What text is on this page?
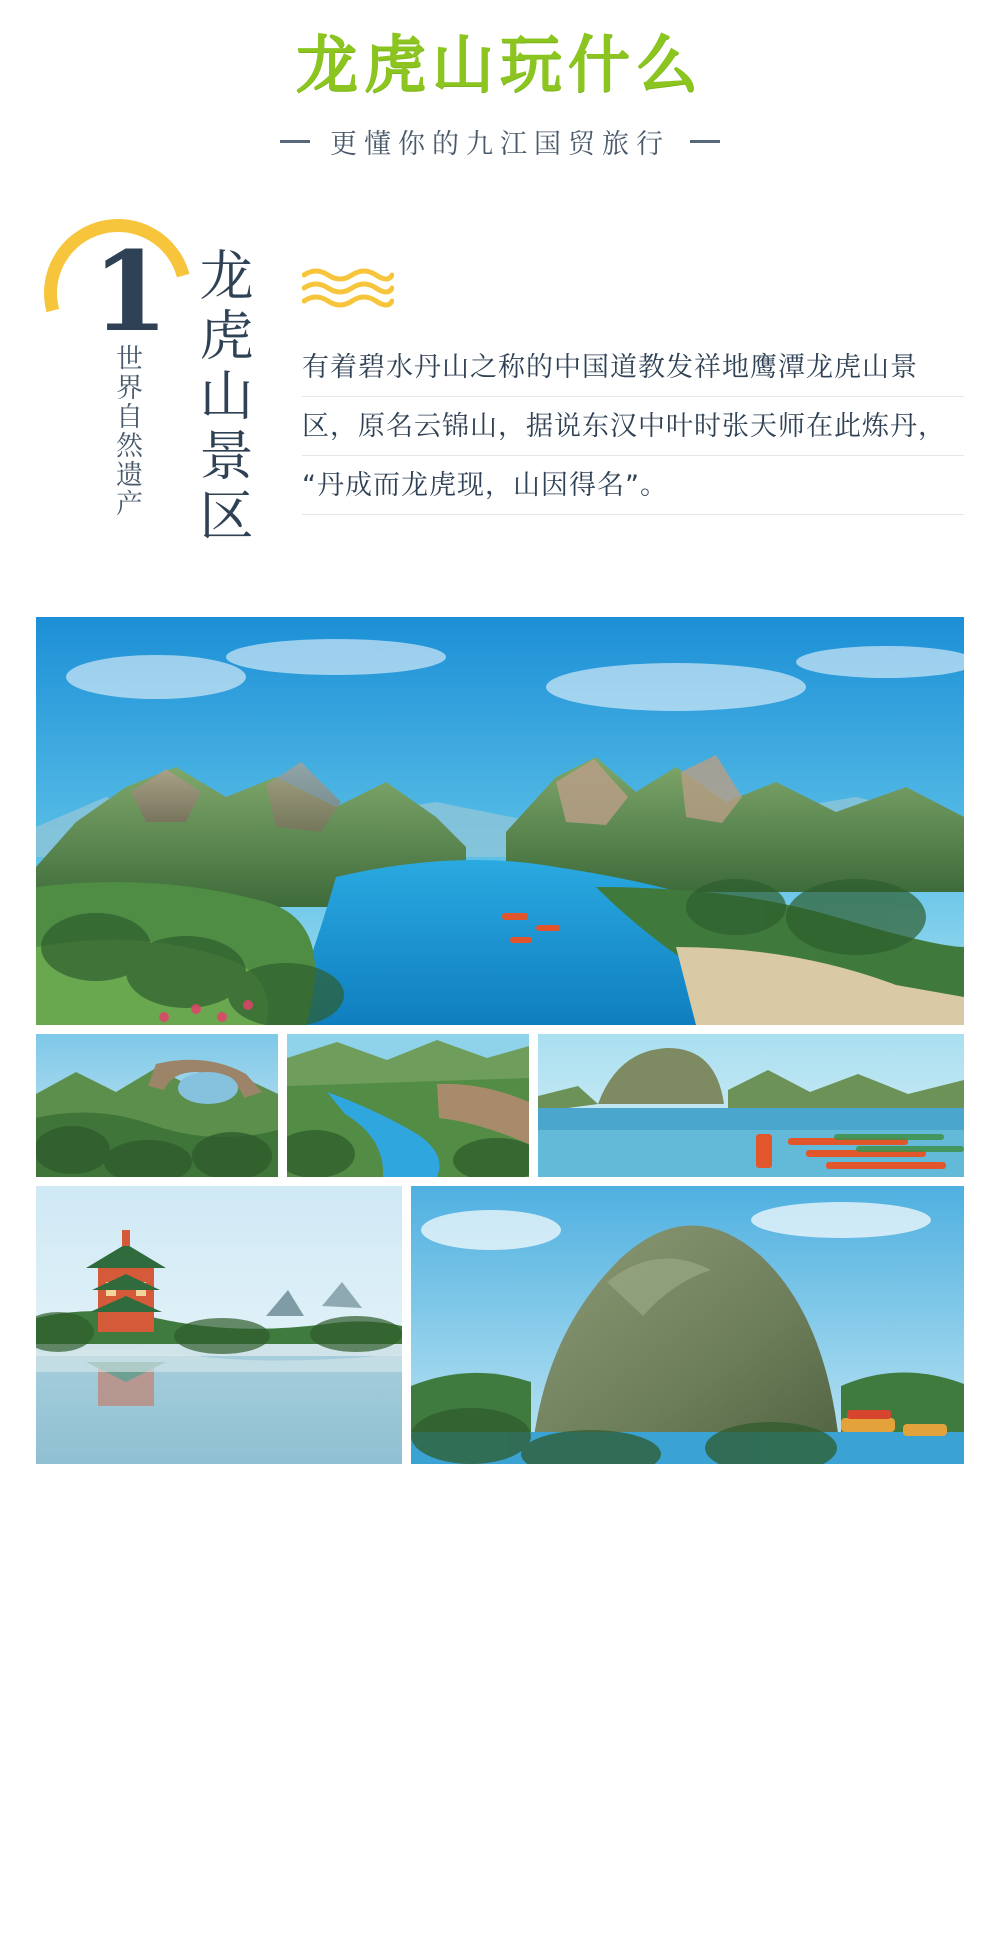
龙虎山玩什么
更懂你的九江国贸旅行
1
世界自然遗产 龙虎山景区 有着碧水丹山之称的中国道教发祥地鹰潭龙虎山景区，原名云锦山，据说东汉中叶时张天师在此炼丹，“丹成而龙虎现，山因得名”。
